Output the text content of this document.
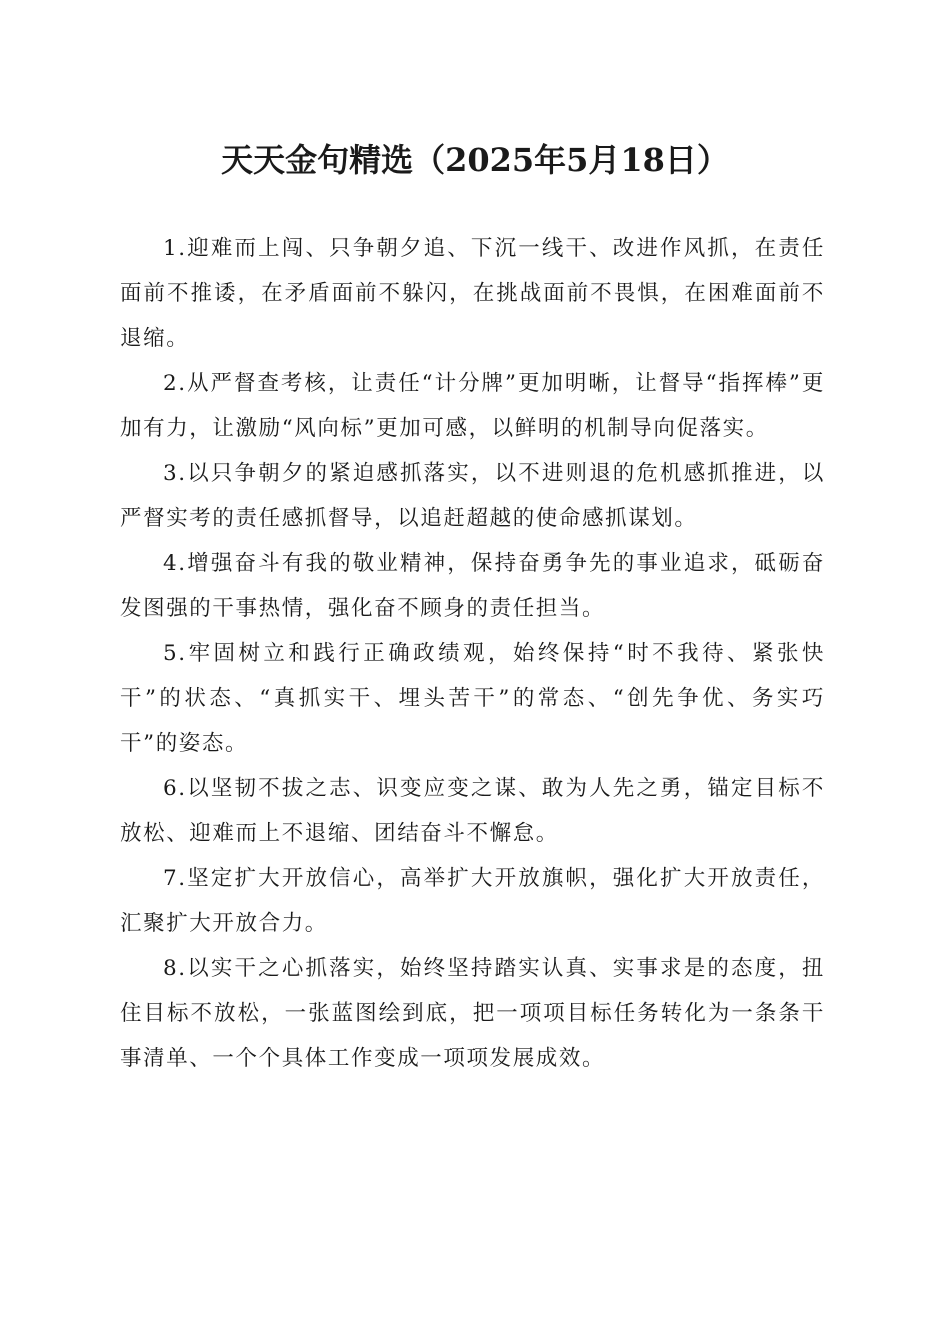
天天金句精选（2025年5月18日）

1.迎难而上闯、只争朝夕追、下沉一线干、改进作风抓，在责任面前不推诿，在矛盾面前不躲闪，在挑战面前不畏惧，在困难面前不退缩。

2.从严督查考核，让责任“计分牌”更加明晰，让督导“指挥棒”更加有力，让激励“风向标”更加可感，以鲜明的机制导向促落实。

3.以只争朝夕的紧迫感抓落实，以不进则退的危机感抓推进，以严督实考的责任感抓督导，以追赶超越的使命感抓谋划。

4.增强奋斗有我的敬业精神，保持奋勇争先的事业追求，砥砺奋发图强的干事热情，强化奋不顾身的责任担当。

5.牢固树立和践行正确政绩观，始终保持“时不我待、紧张快干”的状态、“真抓实干、埋头苦干”的常态、“创先争优、务实巧干”的姿态。

6.以坚韧不拔之志、识变应变之谋、敢为人先之勇，锚定目标不放松、迎难而上不退缩、团结奋斗不懈怠。

7.坚定扩大开放信心，高举扩大开放旗帜，强化扩大开放责任，汇聚扩大开放合力。

8.以实干之心抓落实，始终坚持踏实认真、实事求是的态度，扭住目标不放松，一张蓝图绘到底，把一项项目标任务转化为一条条干事清单、一个个具体工作变成一项项发展成效。
